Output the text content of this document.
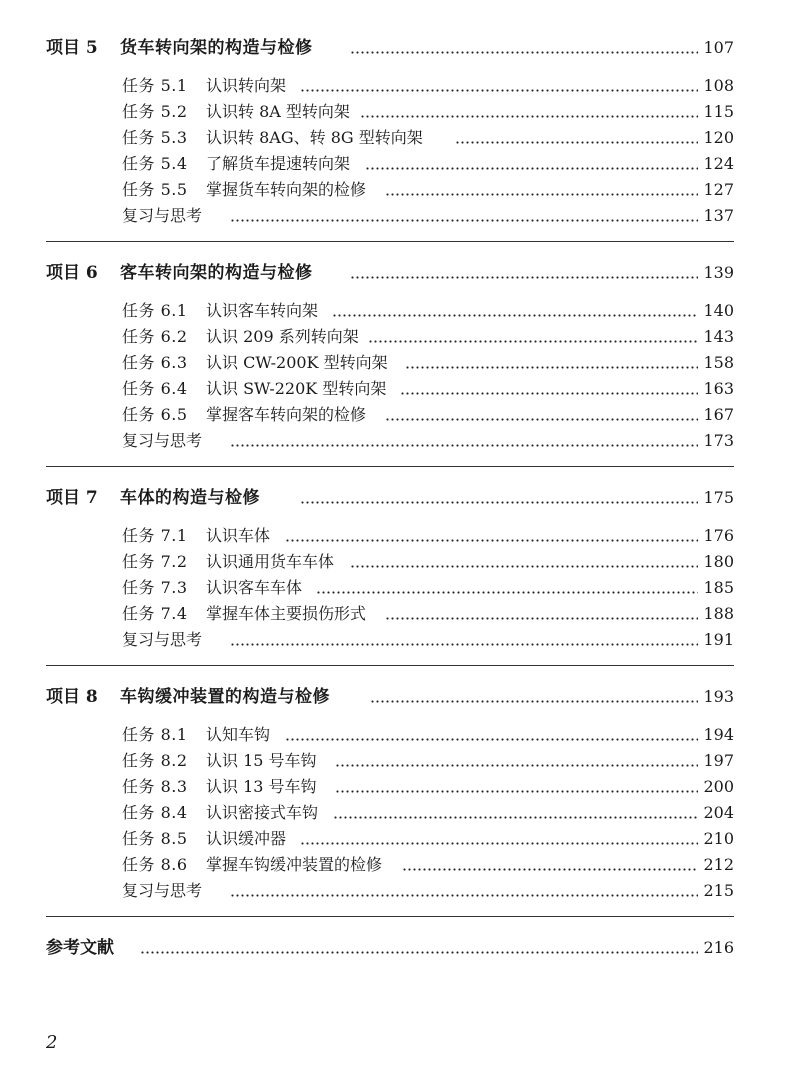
项目 5 货车转向架的构造与检修	107
任务 5.1 认识转向架	108
任务 5.2 认识转 8A 型转向架	115
任务 5.3 认识转 8AG、转 8G 型转向架	120
任务 5.4 了解货车提速转向架	124
任务 5.5 掌握货车转向架的检修	127
复习与思考	137
项目 6 客车转向架的构造与检修	139
任务 6.1 认识客车转向架	140
任务 6.2 认识 209 系列转向架	143
任务 6.3 认识 CW-200K 型转向架	158
任务 6.4 认识 SW-220K 型转向架	163
任务 6.5 掌握客车转向架的检修	167
复习与思考	173
项目 7 车体的构造与检修	175
任务 7.1 认识车体	176
任务 7.2 认识通用货车车体	180
任务 7.3 认识客车车体	185
任务 7.4 掌握车体主要损伤形式	188
复习与思考	191
项目 8 车钩缓冲装置的构造与检修	193
任务 8.1 认知车钩	194
任务 8.2 认识 15 号车钩	197
任务 8.3 认识 13 号车钩	200
任务 8.4 认识密接式车钩	204
任务 8.5 认识缓冲器	210
任务 8.6 掌握车钩缓冲装置的检修	212
复习与思考	215
参考文献	216
2
